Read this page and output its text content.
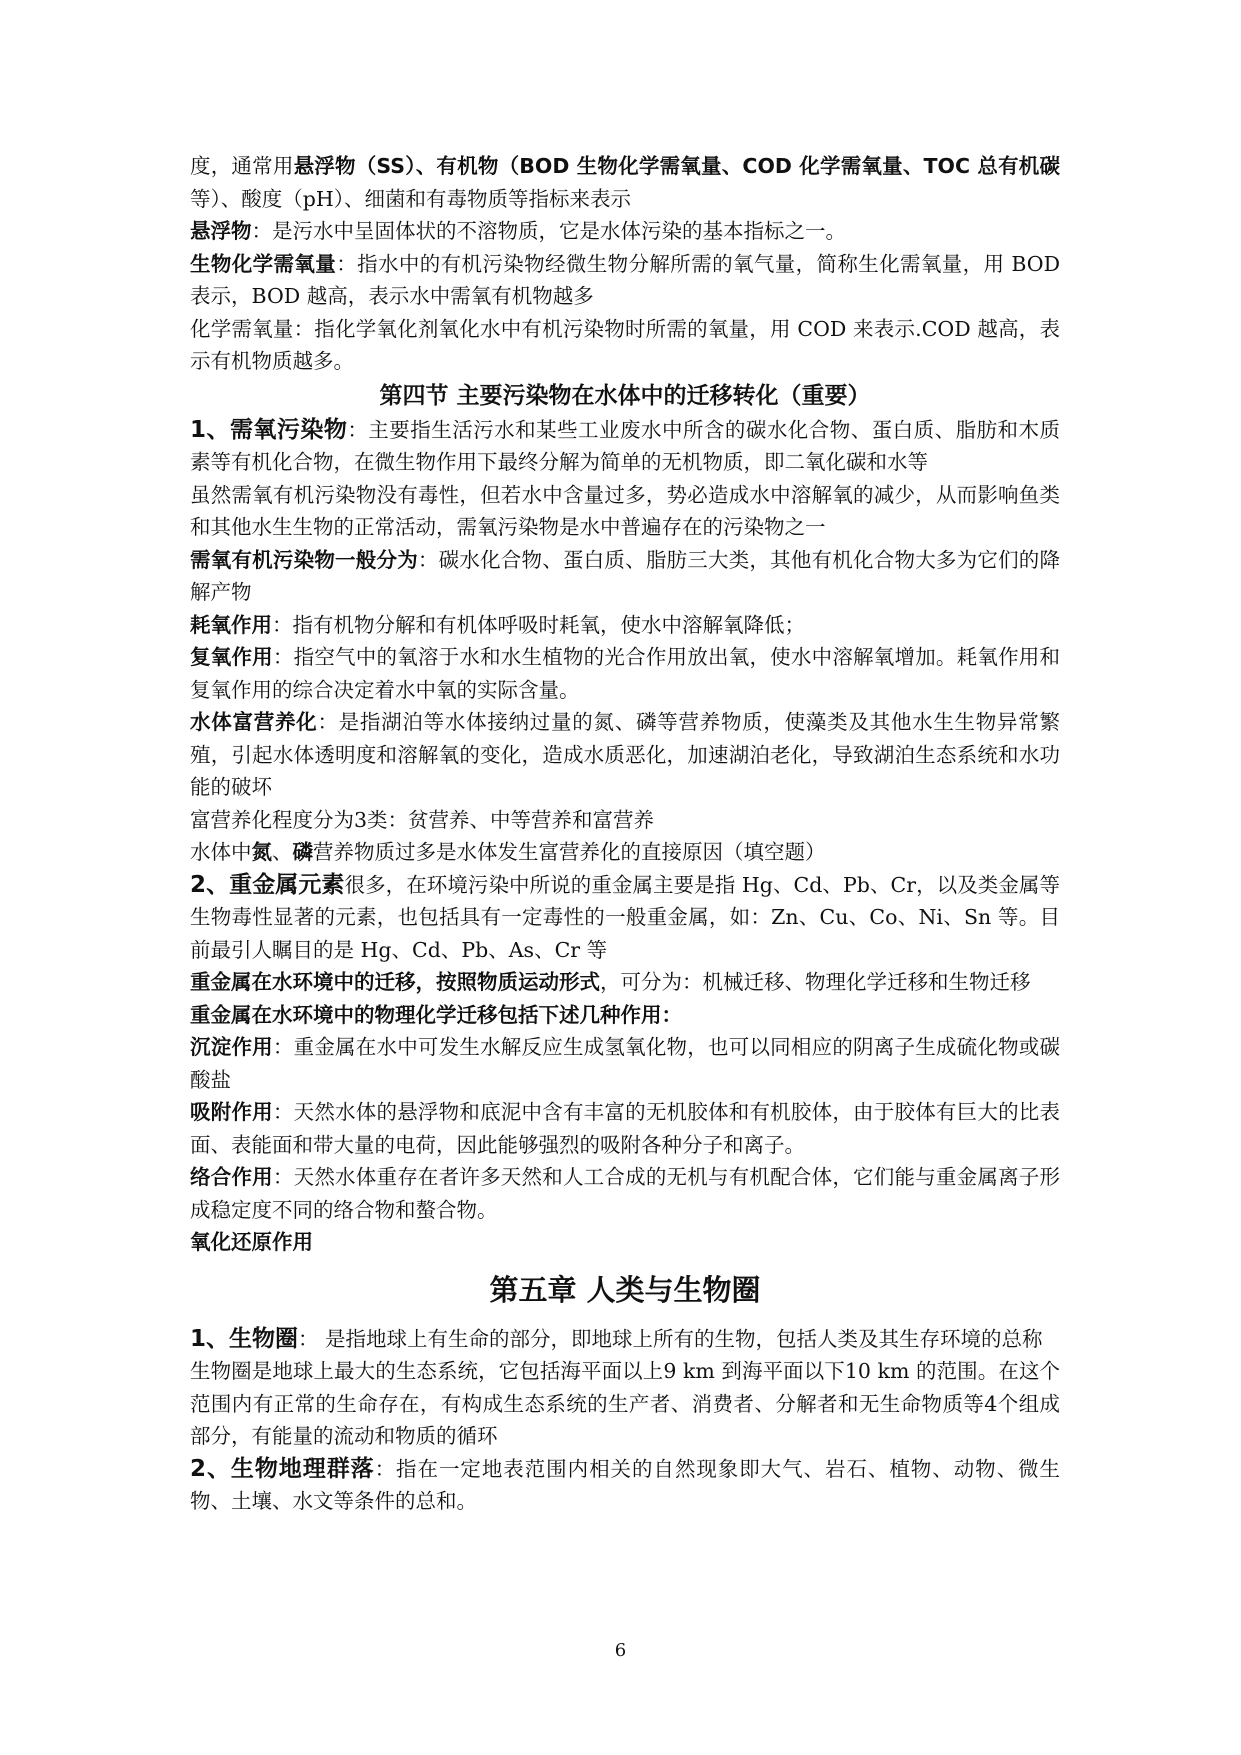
度，通常用悬浮物（SS）、有机物（BOD 生物化学需氧量、COD 化学需氧量、TOC 总有机碳等）、酸度（pH）、细菌和有毒物质等指标来表示

悬浮物：是污水中呈固体状的不溶物质，它是水体污染的基本指标之一。

生物化学需氧量：指水中的有机污染物经微生物分解所需的氧气量，简称生化需氧量，用 BOD 表示，BOD 越高，表示水中需氧有机物越多

化学需氧量：指化学氧化剂氧化水中有机污染物时所需的氧量，用 COD 来表示.COD 越高，表示有机物质越多。

第四节 主要污染物在水体中的迁移转化（重要）

1、需氧污染物：主要指生活污水和某些工业废水中所含的碳水化合物、蛋白质、脂肪和木质素等有机化合物，在微生物作用下最终分解为简单的无机物质，即二氧化碳和水等

虽然需氧有机污染物没有毒性，但若水中含量过多，势必造成水中溶解氧的减少，从而影响鱼类和其他水生生物的正常活动，需氧污染物是水中普遍存在的污染物之一

需氧有机污染物一般分为：碳水化合物、蛋白质、脂肪三大类，其他有机化合物大多为它们的降解产物

耗氧作用：指有机物分解和有机体呼吸时耗氧，使水中溶解氧降低；

复氧作用：指空气中的氧溶于水和水生植物的光合作用放出氧，使水中溶解氧增加。耗氧作用和复氧作用的综合决定着水中氧的实际含量。

水体富营养化：是指湖泊等水体接纳过量的氮、磷等营养物质，使藻类及其他水生生物异常繁殖，引起水体透明度和溶解氧的变化，造成水质恶化，加速湖泊老化，导致湖泊生态系统和水功能的破坏

富营养化程度分为3类：贫营养、中等营养和富营养

水体中氮、磷营养物质过多是水体发生富营养化的直接原因（填空题）

2、重金属元素很多，在环境污染中所说的重金属主要是指 Hg、Cd、Pb、Cr，以及类金属等生物毒性显著的元素，也包括具有一定毒性的一般重金属，如：Zn、Cu、Co、Ni、Sn 等。目前最引人瞩目的是 Hg、Cd、Pb、As、Cr 等

重金属在水环境中的迁移，按照物质运动形式，可分为：机械迁移、物理化学迁移和生物迁移

重金属在水环境中的物理化学迁移包括下述几种作用：

沉淀作用：重金属在水中可发生水解反应生成氢氧化物，也可以同相应的阴离子生成硫化物或碳酸盐

吸附作用：天然水体的悬浮物和底泥中含有丰富的无机胶体和有机胶体，由于胶体有巨大的比表面、表能面和带大量的电荷，因此能够强烈的吸附各种分子和离子。

络合作用：天然水体重存在者许多天然和人工合成的无机与有机配合体，它们能与重金属离子形成稳定度不同的络合物和螯合物。

氧化还原作用

第五章 人类与生物圈

1、生物圈： 是指地球上有生命的部分，即地球上所有的生物，包括人类及其生存环境的总称

生物圈是地球上最大的生态系统，它包括海平面以上9 km 到海平面以下10 km 的范围。在这个范围内有正常的生命存在，有构成生态系统的生产者、消费者、分解者和无生命物质等4个组成部分，有能量的流动和物质的循环

2、生物地理群落：指在一定地表范围内相关的自然现象即大气、岩石、植物、动物、微生物、土壤、水文等条件的总和。

6
